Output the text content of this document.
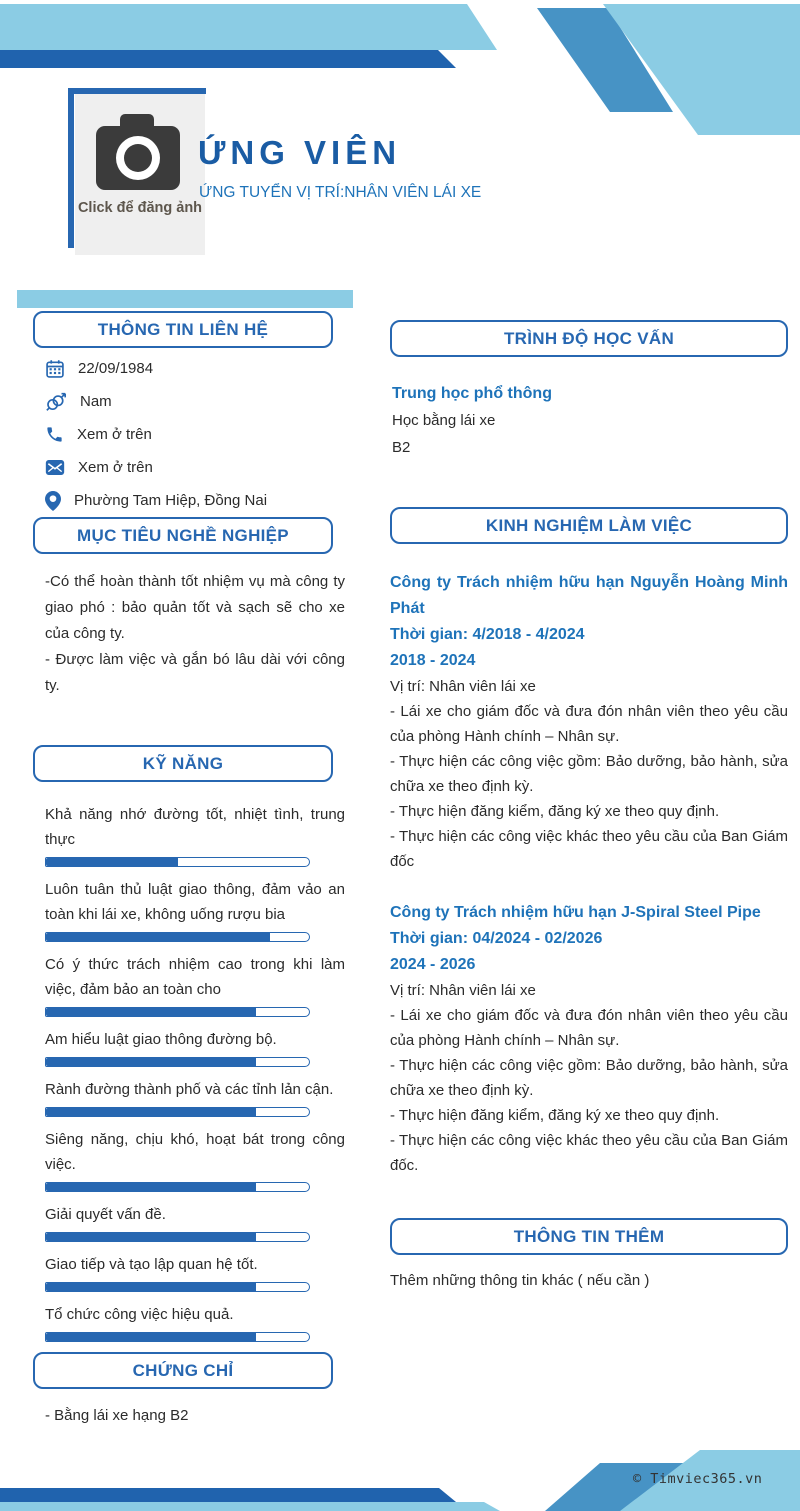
Click để đăng ảnh
ỨNG VIÊN
ỨNG TUYỂN VỊ TRÍ:NHÂN VIÊN LÁI XE
THÔNG TIN LIÊN HỆ
22/09/1984
Nam
Xem ở trên
Xem ở trên
Phường Tam Hiệp, Đồng Nai
MỤC TIÊU NGHỀ NGHIỆP

-Có thể hoàn thành tốt nhiệm vụ mà công ty giao phó : bảo quản tốt và sạch sẽ cho xe của công ty.

- Được làm việc và gắn bó lâu dài với công ty.

KỸ NĂNG
Khả năng nhớ đường tốt, nhiệt tình, trung thực
Luôn tuân thủ luật giao thông, đảm vảo an toàn khi lái xe, không uống rượu bia
Có ý thức trách nhiệm cao trong khi làm việc, đảm bảo an toàn cho
Am hiểu luật giao thông đường bộ.
Rành đường thành phố và các tỉnh lản cận.
Siêng năng, chịu khó, hoạt bát trong công việc.
Giải quyết vấn đề.
Giao tiếp và tạo lập quan hệ tốt.
Tổ chức công việc hiệu quả.
CHỨNG CHỈ

- Bằng lái xe hạng B2

TRÌNH ĐỘ HỌC VẤN
Trung học phổ thông
Học bằng lái xe
B2
KINH NGHIỆM LÀM VIỆC
Công ty Trách nhiệm hữu hạn Nguyễn Hoàng Minh Phát
Thời gian: 4/2018 - 4/2024
2018 - 2024

Vị trí: Nhân viên lái xe

- Lái xe cho giám đốc và đưa đón nhân viên theo yêu cầu của phòng Hành chính – Nhân sự.

- Thực hiện các công việc gồm: Bảo dưỡng, bảo hành, sửa chữa xe theo định kỳ.

- Thực hiện đăng kiểm, đăng ký xe theo quy định.

- Thực hiện các công việc khác theo yêu cầu của Ban Giám đốc

Công ty Trách nhiệm hữu hạn J-Spiral Steel Pipe
Thời gian: 04/2024 - 02/2026
2024 - 2026

Vị trí: Nhân viên lái xe

- Lái xe cho giám đốc và đưa đón nhân viên theo yêu cầu của phòng Hành chính – Nhân sự.

- Thực hiện các công việc gồm: Bảo dưỡng, bảo hành, sửa chữa xe theo định kỳ.

- Thực hiện đăng kiểm, đăng ký xe theo quy định.

- Thực hiện các công việc khác theo yêu cầu của Ban Giám đốc.

THÔNG TIN THÊM

Thêm những thông tin khác ( nếu cần )

© Timviec365.vn
